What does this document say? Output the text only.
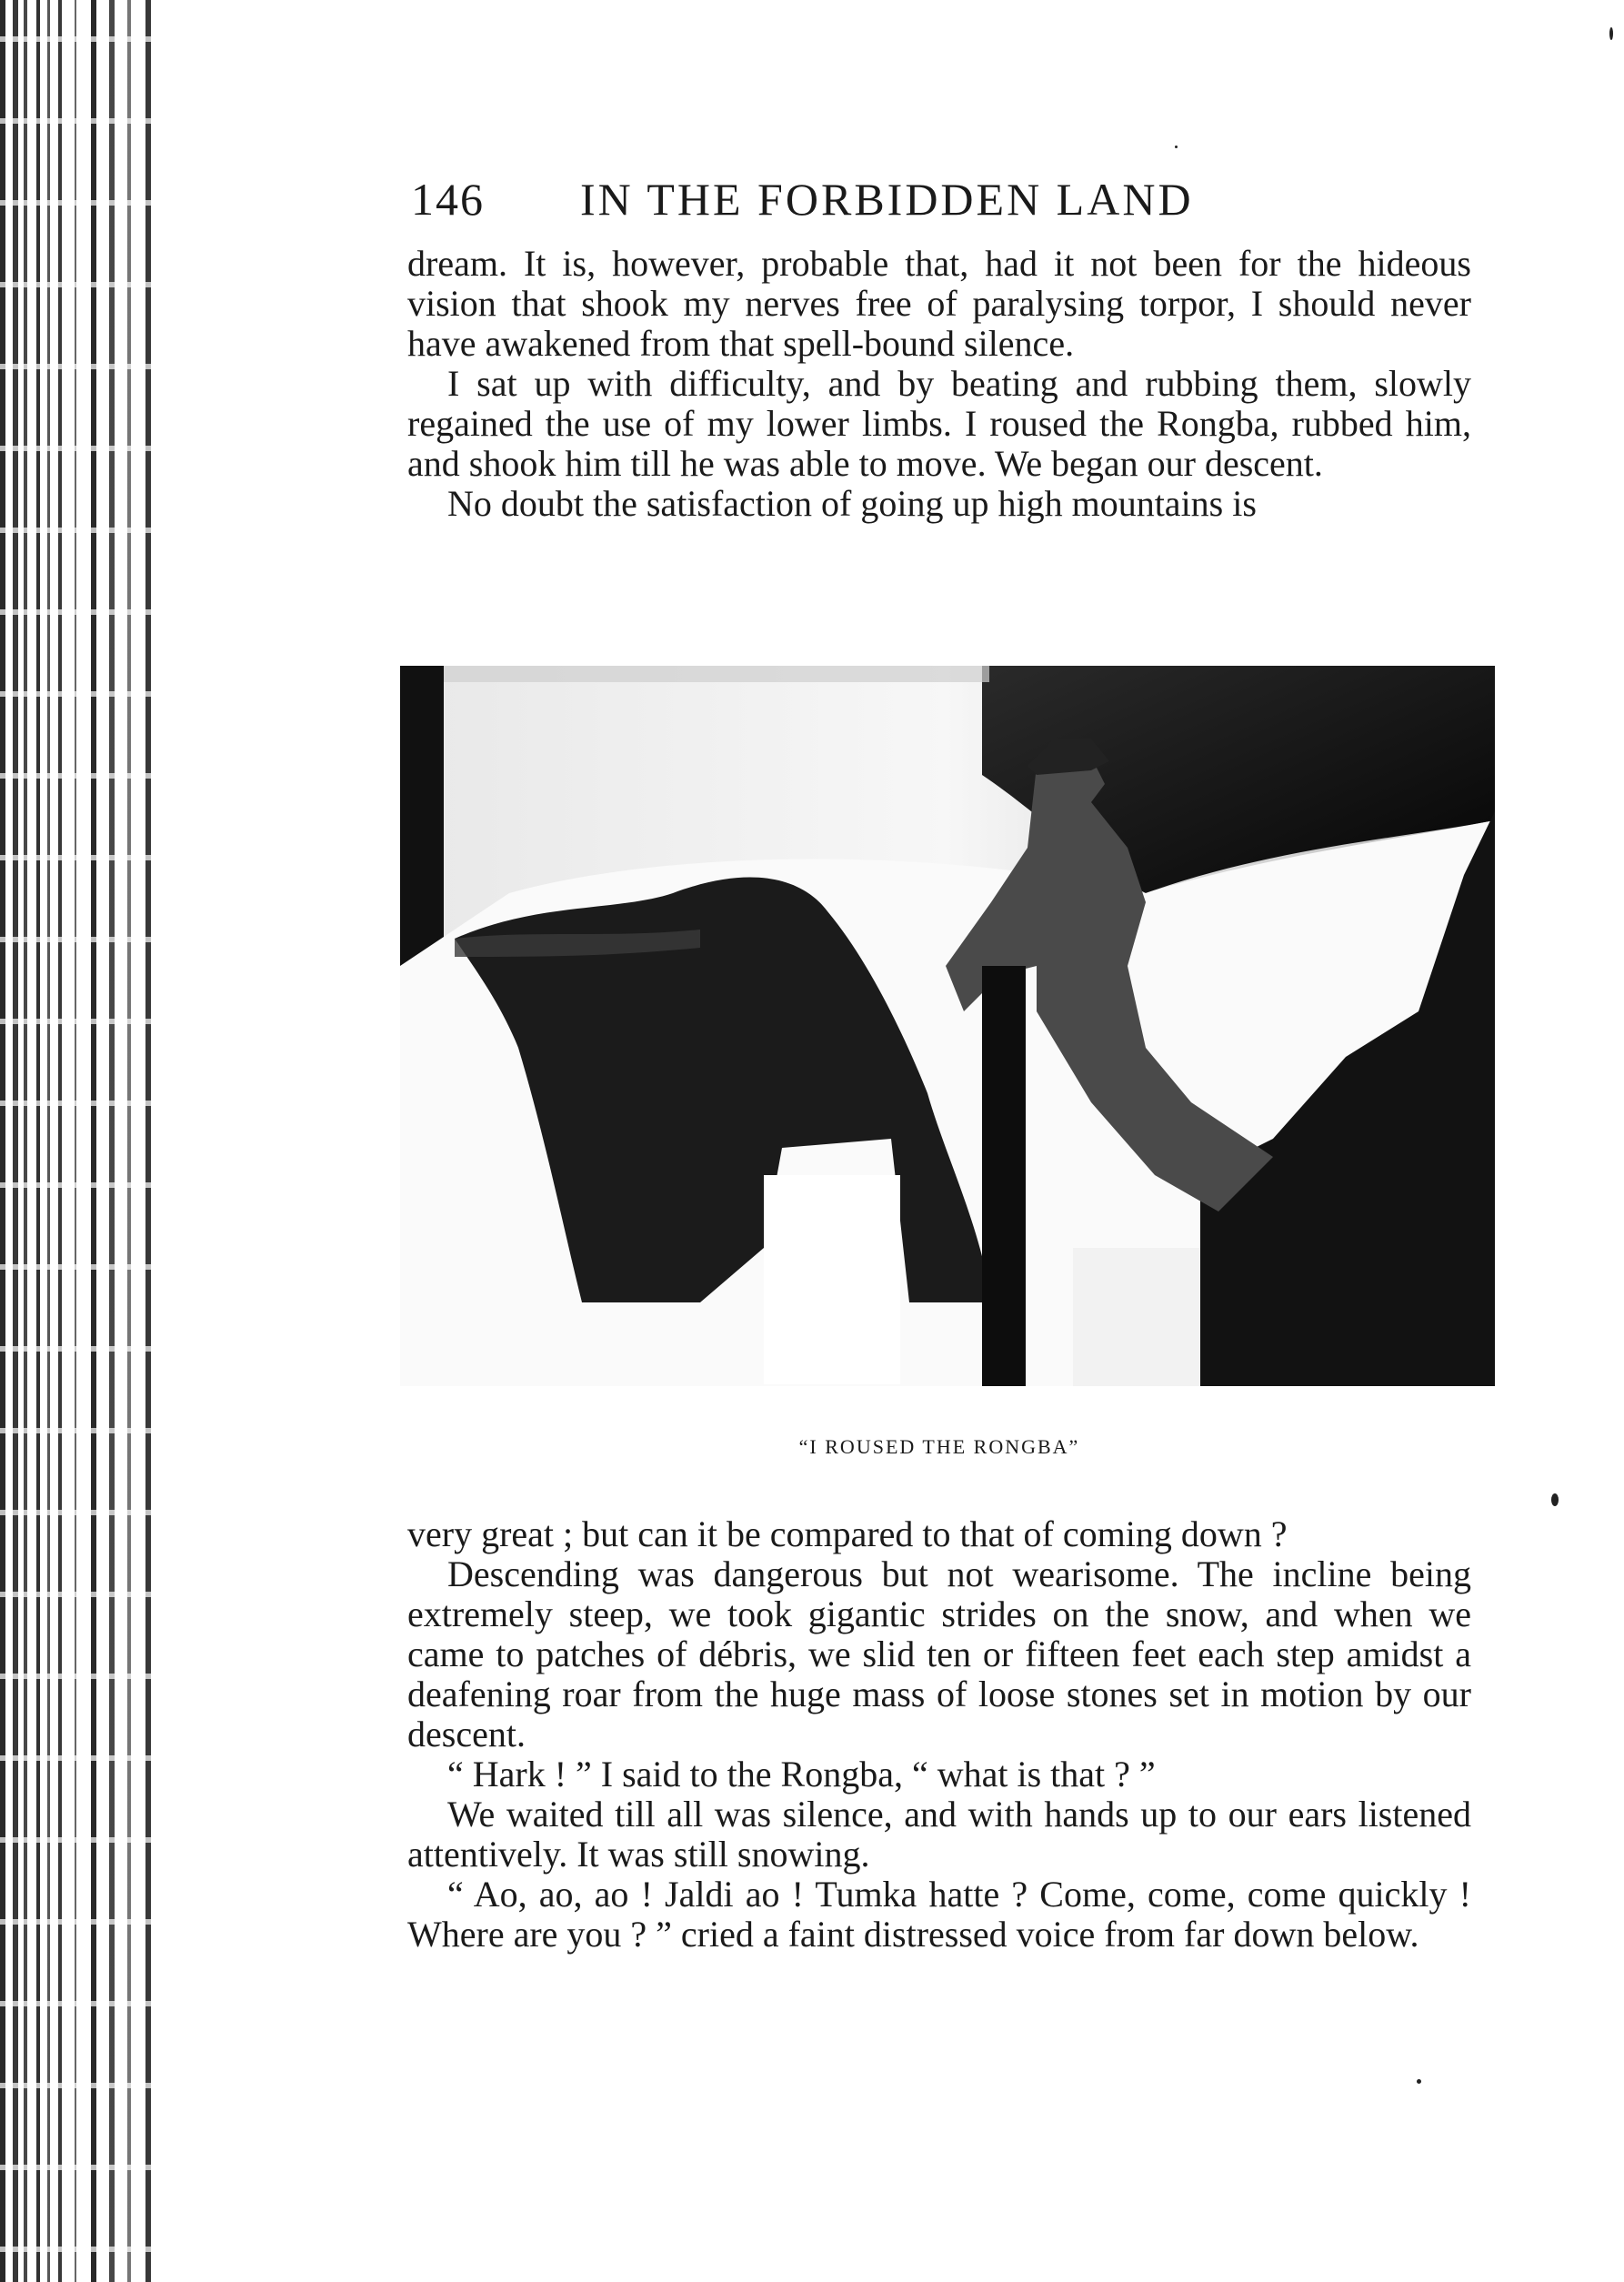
146 IN THE FORBIDDEN LAND

dream. It is, however, probable that, had it not been for the hideous vision that shook my nerves free of paralysing torpor, I should never have awakened from that spell-bound silence.

I sat up with difficulty, and by beating and rubbing them, slowly regained the use of my lower limbs. I roused the Rongba, rubbed him, and shook him till he was able to move. We began our descent.

No doubt the satisfaction of going up high mountains is

“I ROUSED THE RONGBA”

very great ; but can it be compared to that of coming down ?

Descending was dangerous but not wearisome. The incline being extremely steep, we took gigantic strides on the snow, and when we came to patches of débris, we slid ten or fifteen feet each step amidst a deafening roar from the huge mass of loose stones set in motion by our descent.

“ Hark ! ” I said to the Rongba, “ what is that ? ”

We waited till all was silence, and with hands up to our ears listened attentively. It was still snowing.

“ Ao, ao, ao ! Jaldi ao ! Tumka hatte ? Come, come, come quickly ! Where are you ? ” cried a faint distressed voice from far down below.
